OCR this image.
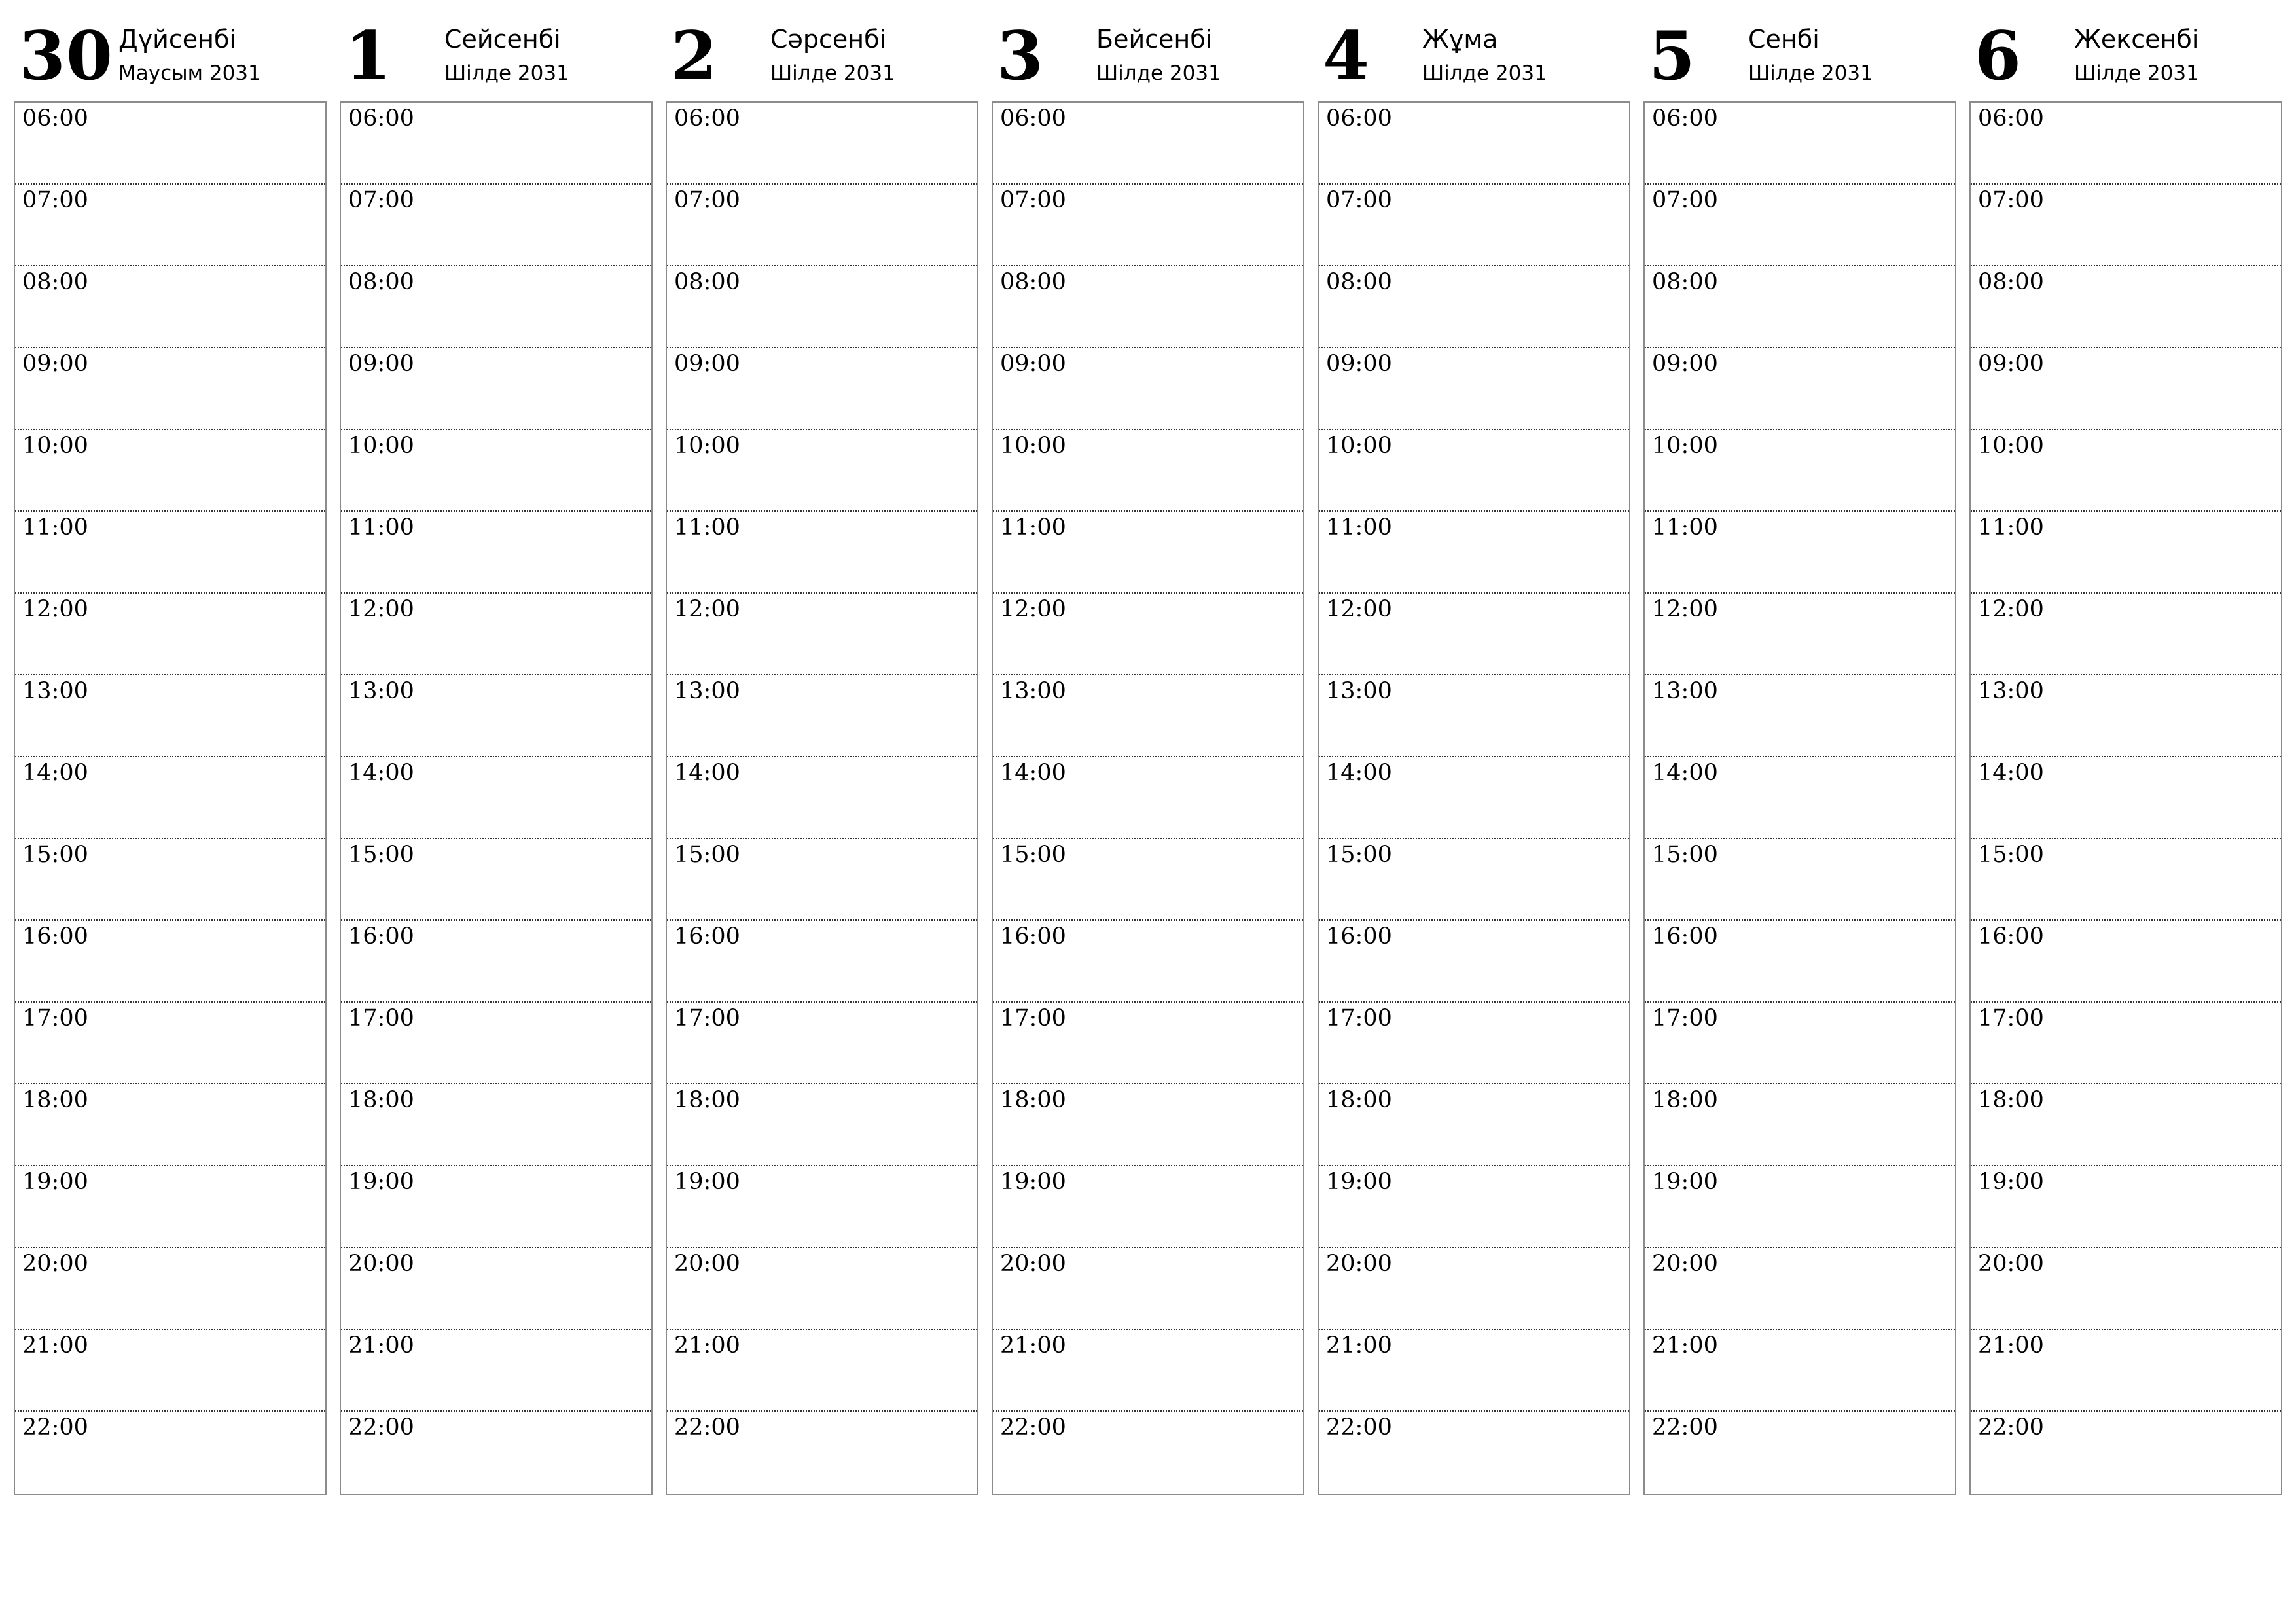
30 Дүйсенбі
Маусым 2031
06:00
07:00
08:00
09:00
10:00
11:00
12:00
13:00
14:00
15:00
16:00
17:00
18:00
19:00
20:00
21:00
22:00
1 Сейсенбі
Шілде 2031
06:00
07:00
08:00
09:00
10:00
11:00
12:00
13:00
14:00
15:00
16:00
17:00
18:00
19:00
20:00
21:00
22:00
2 Сәрсенбі
Шілде 2031
06:00
07:00
08:00
09:00
10:00
11:00
12:00
13:00
14:00
15:00
16:00
17:00
18:00
19:00
20:00
21:00
22:00
3 Бейсенбі
Шілде 2031
06:00
07:00
08:00
09:00
10:00
11:00
12:00
13:00
14:00
15:00
16:00
17:00
18:00
19:00
20:00
21:00
22:00
4 Жұма
Шілде 2031
06:00
07:00
08:00
09:00
10:00
11:00
12:00
13:00
14:00
15:00
16:00
17:00
18:00
19:00
20:00
21:00
22:00
5 Сенбі
Шілде 2031
06:00
07:00
08:00
09:00
10:00
11:00
12:00
13:00
14:00
15:00
16:00
17:00
18:00
19:00
20:00
21:00
22:00
6 Жексенбі
Шілде 2031
06:00
07:00
08:00
09:00
10:00
11:00
12:00
13:00
14:00
15:00
16:00
17:00
18:00
19:00
20:00
21:00
22:00
